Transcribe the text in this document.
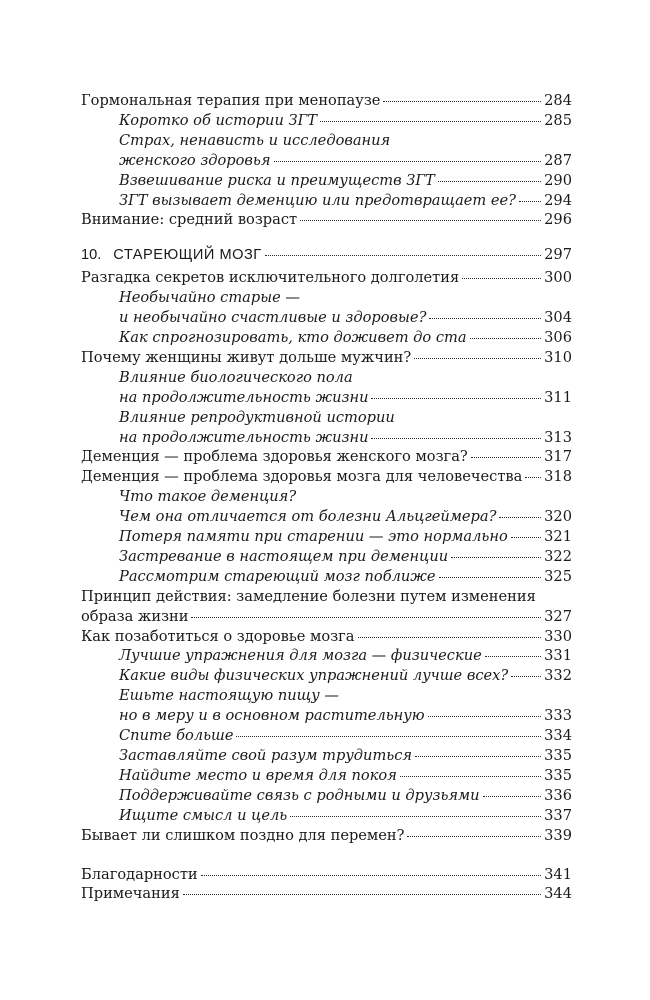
Гормональная терапия при менопаузе	284
Коротко об истории ЗГТ	285
Страх, ненависть и исследования
женского здоровья	287
Взвешивание риска и преимуществ ЗГТ	290
ЗГТ вызывает деменцию или предотвращает ее? 294
Внимание: средний возраст	296
10. СТАРЕЮЩИЙ МОЗГ	297
Разгадка секретов исключительного долголетия	300
Необычайно старые —
и необычайно счастливые и здоровые?	304
Как спрогнозировать, кто доживет до ста	306
Почему женщины живут дольше мужчин?	310
Влияние биологического пола
на продолжительность жизни	311
Влияние репродуктивной истории
на продолжительность жизни	313
Деменция — проблема здоровья женского мозга?	317
Деменция — проблема здоровья мозга для человечества 318
Что такое деменция?
Чем она отличается от болезни Альцгеймера?	320
Потеря памяти при старении — это нормально 321
Застревание в настоящем при деменции	322
Рассмотрим стареющий мозг поближе	325
Принцип действия: замедление болезни путем изменения
образа жизни	327
Как позаботиться о здоровье мозга	330
Лучшие упражнения для мозга — физические	331
Какие виды физических упражнений лучше всех? 332
Ешьте настоящую пищу —
но в меру и в основном растительную	333
Спите больше	334
Заставляйте свой разум трудиться	335
Найдите место и время для покоя	335
Поддерживайте связь с родными и друзьями	336
Ищите смысл и цель	337
Бывает ли слишком поздно для перемен?	339
Благодарности	341
Примечания	344
